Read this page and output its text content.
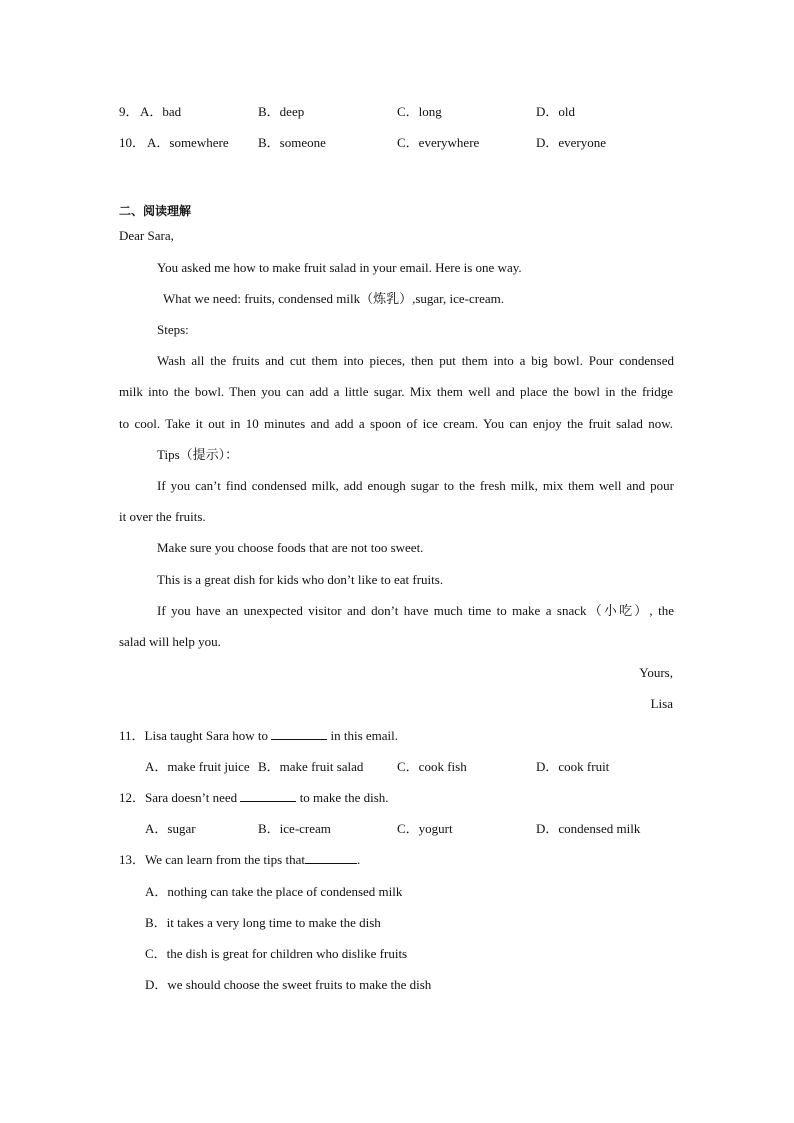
9． A．bad	B．deep	C．long	D．old
10． A．somewhere B．someone	C．everywhere	D．everyone
二、阅读理解
Dear Sara,
You asked me how to make fruit salad in your email. Here is one way.
What we need: fruits, condensed milk（炼乳）,sugar, ice-cream.
Steps:
Wash all the fruits and cut them into pieces, then put them into a big bowl. Pour condensed
milk into the bowl. Then you can add a little sugar. Mix them well and place the bowl in the fridge
to cool. Take it out in 10 minutes and add a spoon of ice cream. You can enjoy the fruit salad now.
Tips（提示）：
If you can’t find condensed milk, add enough sugar to the fresh milk, mix them well and pour
it over the fruits.
Make sure you choose foods that are not too sweet.
This is a great dish for kids who don’t like to eat fruits.
If you have an unexpected visitor and don’t have much time to make a snack（小吃）, the
salad will help you.
Yours,
Lisa
11．Lisa taught Sara how to	in this email.
A．make fruit juice B．make fruit salad	C．cook fish	D．cook fruit
12．Sara doesn’t need	to make the dish.
A．sugar	B．ice-cream	C．yogurt	D．condensed milk
13．We can learn from the tips that	.
A．nothing can take the place of condensed milk
B．it takes a very long time to make the dish
C．the dish is great for children who dislike fruits
D．we should choose the sweet fruits to make the dish
